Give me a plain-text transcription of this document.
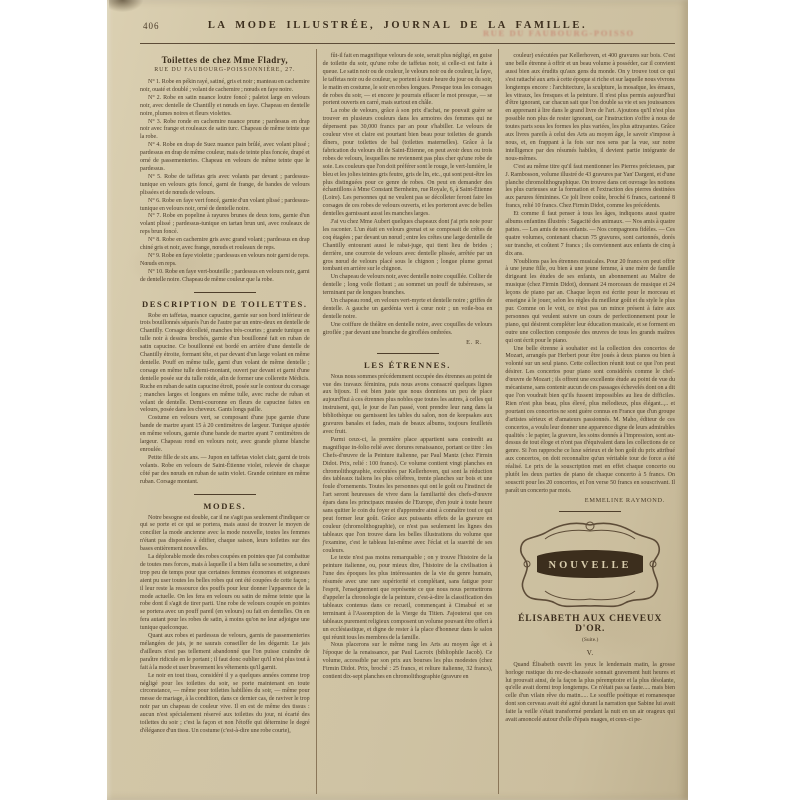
406	LA MODE ILLUSTRÉE, JOURNAL DE LA FAMILLE.
RUE DU FAUBOURG-POISSO
Toilettes de chez Mme Fladry,
RUE DU FAUBOURG-POISSONNIÈRE, 27.

N° 1. Robe en pékin rayé, satiné, gris et noir ; manteau en cachemire noir, ouaté et doublé ; volant de cachemire ; nœuds en faye noire.

N° 2. Robe en satin nuance loutre foncé ; paletot large en velours noir, avec dentelle de Chantilly et nœuds en faye. Chapeau en dentelle noire, plumes noires et fleurs violettes.

N° 3. Robe ronde en cachemire nuance prune ; pardessus en drap noir avec frange et rouleaux de satin turc. Chapeau de même teinte que la robe.

N° 4. Robe en drap de Suez nuance pain brûlé, avec volant plissé ; pardessus en drap de même couleur, mais de teinte plus foncée, drapé et orné de passementeries. Chapeau en velours de même teinte que le pardessus.

N° 5. Robe de taffetas gris avec volants par devant ; pardessus-tunique en velours gris foncé, garni de frange, de bandes de velours plissées et de nœuds de velours.

N° 6. Robe en faye vert foncé, garnie d'un volant plissé ; pardessus-tunique en velours noir, orné de dentelle noire.

N° 7. Robe en popeline à rayures brunes de deux tons, garnie d'un volant plissé ; pardessus-tunique en tartan brun uni, avec rouleaux de reps brun foncé.

N° 8. Robe en cachemire gris avec grand volant ; pardessus en drap chiné gris et noir, avec frange, nœuds et rouleaux de reps.

N° 9. Robe en faye violette ; pardessus en velours noir garni de reps. Nœuds en reps.

N° 10. Robe en faye vert-bouteille ; pardessus en velours noir, garni de dentelle noire. Chapeau de même couleur que la robe.

DESCRIPTION DE TOILETTES.

Robe en taffetas, nuance capucine, garnie sur son bord inférieur de trois bouillonnés séparés l'un de l'autre par un entre-deux en dentelle de Chantilly. Corsage décolleté, manches très-courtes ; grande tunique en tulle noir à dessins brochés, garnie d'un bouillonné fait en ruban de satin capucine. Ce bouillonné est bordé en arrière d'une dentelle de Chantilly étroite, formant tête, et par devant d'un large volant en même dentelle. Pouff en même tulle, garni d'un volant de même dentelle ; corsage en même tulle demi-montant, ouvert par devant et garni d'une dentelle posée sur du tulle roide, afin de former une collerette Médicis. Ruche en ruban de satin capucine étroit, posée sur le contour du corsage ; manches larges et longues en même tulle, avec ruche de ruban et volant de dentelle. Demi-couronne en fleurs de capucine faites en velours, posée dans les cheveux. Gants longs paille.

Costume en velours vert, se composant d'une jupe garnie d'une bande de martre ayant 15 à 20 centimètres de largeur. Tunique ajustée en même velours, garnie d'une bande de martre ayant 7 centimètres de largeur. Chapeau rond en velours noir, avec grande plume blanche enroulée.

Petite fille de six ans. — Jupon en taffetas violet clair, garni de trois volants. Robe en velours de Saint-Étienne violet, relevée de chaque côté par des nœuds en ruban de satin violet. Grande ceinture en même ruban. Corsage montant.

MODES.

Notre besogne est double, car il ne s'agit pas seulement d'indiquer ce qui se porte et ce qui se portera, mais aussi de trouver le moyen de concilier la mode ancienne avec la mode nouvelle, toutes les femmes n'étant pas disposées à édifier, chaque saison, leurs toilettes sur des bases entièrement nouvelles.

La déplorable mode des robes coupées en pointes que j'ai combattue de toutes mes forces, mais à laquelle il a bien fallu se soumettre, a duré trop peu de temps pour que certaines femmes économes et soigneuses aient pu user toutes les belles robes qui ont été coupées de cette façon ; il leur reste la ressource des pouffs pour leur donner l'apparence de la mode actuelle. On les fera en velours ou satin de même teinte que la robe dont il s'agit de tirer parti. Une robe de velours coupée en pointes se portera avec un pouff pareil (en velours) ou fait en dentelles. On en fera autant pour les robes de satin, à moins qu'on ne leur adjoigne une tunique quelconque.

Quant aux robes et pardessus de velours, garnis de passementeries mélangées de jais, je ne saurais conseiller de les dégarnir. Le jais d'ailleurs n'est pas tellement abandonné que l'on puisse craindre de paraître ridicule en le portant ; il faut donc oublier qu'il n'est plus tout à fait à la mode et user bravement les vêtements qu'il garnit.

Le noir en tout tissu, considéré il y a quelques années comme trop négligé pour les toilettes du soir, se porte maintenant en toute circonstance, — même pour toilettes habillées du soir, — même pour messe de mariage, à la condition, dans ce dernier cas, de raviver le trop noir par un chapeau de couleur vive. Il en est de même des tissus : aucun n'est spécialement réservé aux toilettes du jour, ni écarté des toilettes du soir ; c'est la façon et non l'étoffe qui détermine le degré d'élégance d'un tissu. Un costume (c'est-à-dire une robe courte),

fût-il fait en magnifique velours de soie, serait plus négligé, en guise de toilette du soir, qu'une robe de taffetas noir, si celle-ci est faite à queue. Le satin noir ou de couleur, le velours noir ou de couleur, la faye, le taffetas noir ou de couleur, se portent à toute heure du jour ou du soir, le matin en costume, le soir en robes longues. Presque tous les corsages de robes du soir, — et encore je pourrais effacer le mot presque, — se portent ouverts en carré, mais surtout en châle.

La robe de velours, grâce à son prix d'achat, ne pouvait guère se trouver en plusieurs couleurs dans les armoires des femmes qui ne dépensent pas 30,000 francs par an pour s'habiller. Le velours de couleur vive et claire est pourtant bien beau pour toilettes de grands dîners, pour toilettes de bal (toilettes maternelles). Grâce à la fabrication du velours dit de Saint-Étienne, on peut avoir deux ou trois robes de velours, lesquelles ne reviennent pas plus cher qu'une robe de soie. Les couleurs que l'on doit préférer sont le rouge, le vert-lumière, le bleu et les jolies teintes gris feutre, gris de lin, etc., qui sont peut-être les plus distinguées pour ce genre de robes. On peut en demander des échantillons à Mme Constant Bernheim, rue Royale, 6, à Saint-Étienne (Loire). Les personnes qui ne veulent pas se décolleter feront faire les corsages de ces robes de velours ouverts, et les porteront avec de belles dentelles garnissant aussi les manches larges.

J'ai vu chez Mme Aubert quelques chapeaux dont j'ai pris note pour les raconter. L'un était en velours grenat et se composait de crêtes de coq étagées ; par devant un nœud ; entre les crêtes une large dentelle de Chantilly entourant aussi le rabat-juge, qui tient lieu de brides ; derrière, une courroie de velours avec dentelle plissée, arrêtée par un gros nœud de velours placé sous le chignon ; longue plume grenat tombant en arrière sur le chignon.

Un chapeau de velours noir, avec dentelle noire coquillée. Collier de dentelle ; long voile flottant ; au sommet un pouff de tubéreuses, se terminant par de longues branches.

Un chapeau rond, en velours vert-myrte et dentelle noire ; griffes de dentelle. A gauche un gardénia vert à cœur noir ; un voile-boa en dentelle noire.

Une coiffure de théâtre en dentelle noire, avec coquilles de velours giroflée ; par devant une branche de giroflées ombrées.

E. R.
LES ÉTRENNES.

Nous nous sommes précédemment occupée des étrennes au point de vue des travaux féminins, puis nous avons consacré quelques lignes aux bijoux. Il est bien juste que nous donnions un peu de place aujourd'hui à ces étrennes plus nobles que toutes les autres, à celles qui instruisent, qui, le jour de l'an passé, vont prendre leur rang dans la bibliothèque ou garnissent les tables du salon, non de keepsakes aux gravures banales et fades, mais de beaux albums, toujours feuilletés avec fruit.

Parmi ceux-ci, la première place appartient sans contredit au magnifique in-folio relié avec dorures renaissance, portant ce titre : les Chefs-d'œuvre de la Peinture italienne, par Paul Mantz (chez Firmin Didot. Prix, relié : 100 francs). Ce volume contient vingt planches en chromolithographie, exécutées par Kellerhoven, qui sont la réduction des tableaux italiens les plus célèbres, trente planches sur bois et une foule d'ornements. Toutes les personnes qui ont le goût ou l'instinct de l'art seront heureuses de vivre dans la familiarité des chefs-d'œuvre épars dans les principaux musées de l'Europe, d'en jouir à toute heure sans quitter le coin du foyer et d'apprendre ainsi à connaître tout ce qui peut former leur goût. Grâce aux puissants effets de la gravure en couleur (chromolithographie), ce n'est pas seulement les lignes des tableaux que l'on trouve dans les belles illustrations du volume que j'examine, c'est le tableau lui-même avec l'éclat et la suavité de ses couleurs.

Le texte n'est pas moins remarquable ; on y trouve l'histoire de la peinture italienne, ou, pour mieux dire, l'histoire de la civilisation à l'une des époques les plus intéressantes de la vie du genre humain, résumée avec une rare supériorité et complétant, sans fatigue pour l'esprit, l'enseignement que représente ce que nous nous permettrons d'appeler la chronologie de la peinture, c'est-à-dire la classification des tableaux contenus dans ce recueil, commençant à Cimabué et se terminant à l'Assomption de la Vierge du Titien. J'ajouterai que ces tableaux purement religieux composent un volume pouvant être offert à un ecclésiastique, et digne de rester à la place d'honneur dans le salon qui réunit tous les membres de la famille.

Nous placerons sur le même rang les Arts au moyen âge et à l'époque de la renaissance, par Paul Lacroix (bibliophile Jacob). Ce volume, accessible par son prix aux bourses les plus modestes (chez Firmin Didot. Prix, broché : 25 francs, et reliure italienne, 32 francs), contient dix-sept planches en chromolithographie (gravure en

couleur) exécutées par Kellerhoven, et 400 gravures sur bois. C'est une belle étrenne à offrir et un beau volume à posséder, car il convient aussi bien aux érudits qu'aux gens du monde. On y trouve tout ce qui s'est rattaché aux arts à cette époque si riche et sur laquelle nous vivrons longtemps encore : l'architecture, la sculpture, la mosaïque, les émaux, les vitraux, les fresques et la peinture. Il n'est plus permis aujourd'hui d'être ignorant, car chacun sait que l'on double sa vie et ses jouissances en apprenant à lire dans le grand livre de l'art. Ajoutons qu'il n'est plus possible non plus de rester ignorant, car l'instruction s'offre à nous de toutes parts sous les formes les plus variées, les plus attrayantes. Grâce aux livres pareils à celui des Arts au moyen âge, le savoir s'impose à nous, et, en frappant à la fois sur nos sens par la vue, sur notre intelligence par des résumés habiles, il devient partie intégrante de nous-mêmes.

C'est au même titre qu'il faut mentionner les Pierres précieuses, par J. Rambosson, volume illustré de 43 gravures par Yan' Dargent, et d'une planche chromolithographique. On trouve dans cet ouvrage les notions les plus curieuses sur la formation et l'extraction des pierres destinées aux parures féminines. Ce joli livre coûte, broché 6 francs, cartonné 8 francs, relié 10 francs. Chez Firmin Didot, comme les précédents.

Et comme il faut penser à tous les âges, indiquons aussi quatre albums enfantins illustrés : Sagacité des animaux. — Nos amis à quatre pattes. — Les amis de nos enfants. — Nos compagnons fidèles. — Ces quatre volumes, contenant chacun 75 gravures, sont cartonnés, dorés sur tranche, et coûtent 7 francs ; ils conviennent aux enfants de cinq à dix ans.

N'oublions pas les étrennes musicales. Pour 20 francs on peut offrir à une jeune fille, ou bien à une jeune femme, à une mère de famille dirigeant les études de ses enfants, un abonnement au Maître de musique (chez Firmin Didot), donnant 24 morceaux de musique et 24 leçons de piano par an. Chaque leçon est écrite pour le morceau et enseigne à le jouer, selon les règles du meilleur goût et du style le plus pur. Comme on le voit, ce n'est pas un mince présent à faire aux personnes qui veulent suivre un cours de perfectionnement pour le piano, qui désirent compléter leur éducation musicale, et se forment en outre une collection composée des œuvres de tous les grands maîtres qui ont écrit pour le piano.

Une belle étrenne à souhaiter est la collection des concertos de Mozart, arrangés par Herbert pour être joués à deux pianos ou bien à volonté sur un seul piano. Cette collection réunit tout ce que l'on peut désirer. Les concertos pour piano sont considérés comme le chef-d'œuvre de Mozart ; ils offrent une excellente étude au point de vue du mécanisme, sans contenir aucun de ces passages échevelés dont on a dit que l'on voudrait bien qu'ils fussent impossibles au lieu de difficiles. Rien n'est plus beau, plus élevé, plus mélodieux, plus élégant..,.. et pourtant ces concertos ne sont guère connus en France que d'un groupe d'artistes sérieux et d'amateurs passionnés. M. Maho, éditeur de ces concertos, a voulu leur donner une apparence digne de leurs admirables qualités : le papier, la gravure, les soins donnés à l'impression, sont au-dessus de tout éloge et n'ont pas d'équivalent dans les collections de ce genre. Si l'on rapproche ce luxe sérieux et de bon goût du prix attribué aux concertos, on doit reconnaître qu'un véritable tour de force a été réalisé. Le prix de la souscription met en effet chaque concerto ou plutôt les deux parties de piano de chaque concerto à 5 francs. On souscrit pour les 20 concertos, et l'on verse 50 francs en souscrivant. Il paraît un concerto par mois.

EMMELINE RAYMOND.
NOUVELLE
ÉLISABETH AUX CHEVEUX D'OR.
(Suite.)
V.

Quand Élisabeth ouvrit les yeux le lendemain matin, la grosse horloge rustique du rez-de-chaussée sonnait gravement huit heures et lui prouvait ainsi, de la façon la plus péremptoire et la plus désolante, qu'elle avait dormi trop longtemps. Ce n'était pas sa faute..... mais bien celle d'un vilain rêve du matin..... Le souffle poétique et romanesque dont son cerveau avait été agité durant la narration que Sabine lui avait faite la veille s'était transformé pendant la nuit en un air orageux qui avait amoncelé autour d'elle d'épais nuages, et ceux-ci pe-
